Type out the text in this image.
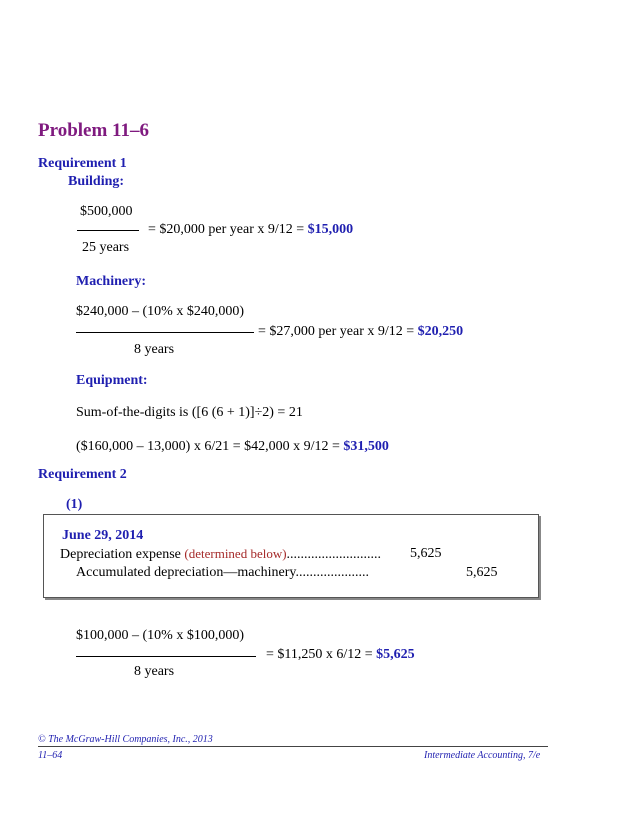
Problem 11–6
Requirement 1
Building:
$500,000
= $20,000 per year x 9/12 = $15,000
25 years
Machinery:
$240,000 – (10% x $240,000)
= $27,000 per year x 9/12 = $20,250
8 years
Equipment:
Sum-of-the-digits is ([6 (6 + 1)]÷2) = 21
($160,000 – 13,000) x 6/21 = $42,000 x 9/12 = $31,500
Requirement 2
(1)
June 29, 2014
Depreciation expense (determined below)........................... 5,625
Accumulated depreciation—machinery.....................	5,625
$100,000 – (10% x $100,000)
= $11,250 x 6/12 = $5,625
8 years
© The McGraw-Hill Companies, Inc., 2013
11–64	Intermediate Accounting, 7/e
